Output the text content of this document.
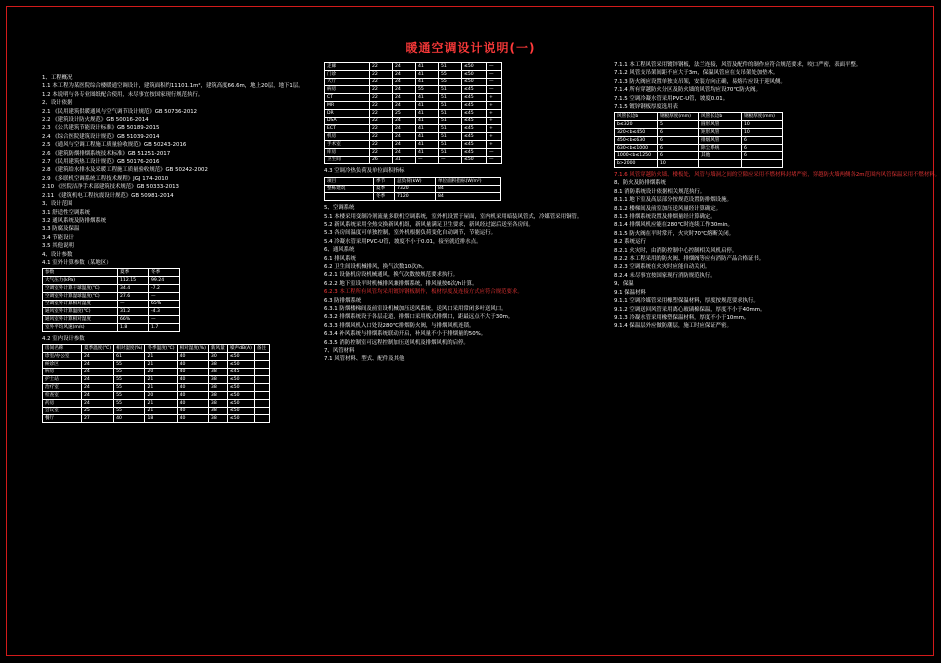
暖通空调设计说明(一)

1、工程概况

1.1 本工程为某医院综合楼暖通空调设计，建筑面积约11101.1m²，建筑高度66.6m，地上20层，地下1层。

1.2 本说明与各专业图纸配合使用，未尽事宜按国家现行规范执行。

2、设计依据

2.1 《民用建筑供暖通风与空气调节设计规范》GB 50736-2012

2.2 《建筑设计防火规范》GB 50016-2014

2.3 《公共建筑节能设计标准》GB 50189-2015

2.4 《综合医院建筑设计规范》GB 51039-2014

2.5 《通风与空调工程施工质量验收规范》GB 50243-2016

2.6 《建筑防烟排烟系统技术标准》GB 51251-2017

2.7 《民用建筑热工设计规范》GB 50176-2016

2.8 《建筑给水排水及采暖工程施工质量验收规范》GB 50242-2002

2.9 《多联机空调系统工程技术规程》JGJ 174-2010

2.10 《医院洁净手术部建筑技术规范》GB 50333-2013

2.11 《建筑机电工程抗震设计规范》GB 50981-2014

3、设计范围

3.1 舒适性空调系统

3.2 通风系统及防排烟系统

3.3 防腐及保温

3.4 节能设计

3.5 其他说明

4、设计参数

4.1 室外计算参数（某地区）

参数	夏季	冬季
大气压力(kPa)	112.15	99.24
空调室外计算干球温度(℃)	34.4	-7.2
空调室外计算湿球温度(℃)	27.6	—
空调室外计算相对湿度	—	65%
通风室外计算温度(℃)	31.2	-4.3
通风室外计算相对湿度	66%	—
室外平均风速(m/s)	1.8	1.7

4.2 室内设计参数

房间名称	夏季温度(℃)	相对湿度(%)	冬季温度(℃)	相对湿度(%)	新风量	噪声dB(A)	备注
诊室/办公室	24	61	21	40	30	≤50	
候诊区	24	55	21	40	38	≤50	
病房	24	55	20	40	38	≤45	
护士站	24	55	21	40	38	≤50	
治疗室	24	55	21	40	38	≤50	
检查室	24	55	20	40	38	≤50	
药房	24	55	21	40	38	≤50	
会议室	25	55	21	40	38	≤50	
餐厅	27	40	18	40	38	≤50	
走廊	22	24	41	51	≤50	—
门诊	22	24	41	55	≤50	—
大厅	22	24	41	55	≤50	—
病房	22	24	55	51	≤45	—
CT	22	24	41	51	≤45	+
MR	22	24	41	51	≤45	+
DR	22	25	41	51	≤45	+
DSA	22	24	41	51	≤45	+
ECT	22	24	41	51	≤45	+
机房	22	24	41	51	≤45	+
手术室	22	24	41	51	≤45	+
库房	22	24	41	51	≤45	—
卫生间	26	31	—	—	≤50	—

4.3 空调冷热负荷及单位面积指标

项目	季节	总负荷(kW)	单位面积指标(W/m²)
整栋建筑	夏季	7320	84
	冬季	7120	84

5、空调系统

5.1 本楼采用变制冷剂流量多联机空调系统，室外机设置于屋面，室内机采用暗装风管式，冷媒管采用铜管。

5.2 新风系统采用全热交换新风机组，新风量满足卫生要求，新风经过滤后送至各房间。

5.3 各房间温度可单独控制，室外机根据负荷变化自动调节，节能运行。

5.4 冷凝水管采用PVC-U管，坡度不小于0.01，接至就近排水点。

6、通风系统

6.1 排风系统

6.2 卫生间设机械排风，换气次数10次/h。

6.2.1 设备机房设机械通风，换气次数按规范要求执行。

6.2.2 地下室设平时机械排风兼排烟系统，排风量按6次/h计算。

6.2.3 本工程所有风管均采用镀锌钢板制作，板材厚度及连接方式应符合规范要求。

6.3 防排烟系统

6.3.1 防烟楼梯间及前室设机械加压送风系统，送风口采用常闭多叶送风口。

6.3.2 排烟系统设于各层走道，排烟口采用板式排烟口，距最远点不大于30m。

6.3.3 排烟风机入口处设280℃排烟防火阀，与排烟风机连锁。

6.3.4 补风系统与排烟系统联动开启，补风量不小于排烟量的50%。

6.3.5 消防控制室可远程控制加压送风机及排烟风机的启停。

7、风管材料

7.1 风管材料、型式、配件及其他

7.1.1 本工程风管采用镀锌钢板，法兰连接，风管及配件的制作应符合规范要求，咬口严密，表面平整。

7.1.2 风管支吊架间距不应大于3m，保温风管应在支吊架处加垫木。

7.1.3 防火阀应设置单独支吊架，安装方向正确，易熔片应设于迎风侧。

7.1.4 所有穿越防火分区及防火墙的风管均应设70℃防火阀。

7.1.5 空调冷凝水管采用PVC-U管，坡度0.01。

7.1.5 镀锌钢板厚度选用表

风管长边b	钢板厚度(mm)	风管长边b	钢板厚度(mm)
b≤320	5	圆形风管	10
320<b≤450	6	矩形风管	10
450<b≤630	6	排烟风管	6
630<b≤1000	6	除尘系统	6
1000<b≤1250	6	其他	6
b>2000	10		

7.1.6 风管穿越防火墙、楼板处，风管与墙洞之间的空隙应采用不燃材料封堵严密，穿越防火墙两侧各2m范围内风管保温采用不燃材料。

8、防火及防排烟系统

8.1 消防系统设计依据相关规范执行。

8.1.1 地下室及高层部分按规范设置防排烟设施。

8.1.2 楼梯间及前室加压送风量经计算确定。

8.1.3 排烟系统设置及排烟量经计算确定。

8.1.4 排烟风机应能在280℃时连续工作30min。

8.1.5 防火阀在平时常开，火灾时70℃熔断关闭。

8.2 系统运行

8.2.1 火灾时，由消防控制中心控制相关风机启停。

8.2.2 本工程采用的防火阀、排烟阀等应有消防产品合格证书。

8.2.3 空调系统在火灾时应能自动关闭。

8.2.4 未尽事宜按国家现行消防规范执行。

9、保温

9.1 保温材料

9.1.1 空调冷媒管采用橡塑保温材料，厚度按规范要求执行。

9.1.2 空调送回风管采用离心玻璃棉保温，厚度不小于40mm。

9.1.3 冷凝水管采用橡塑保温材料，厚度不小于10mm。

9.1.4 保温层外应做防潮层，施工时应保证严密。
